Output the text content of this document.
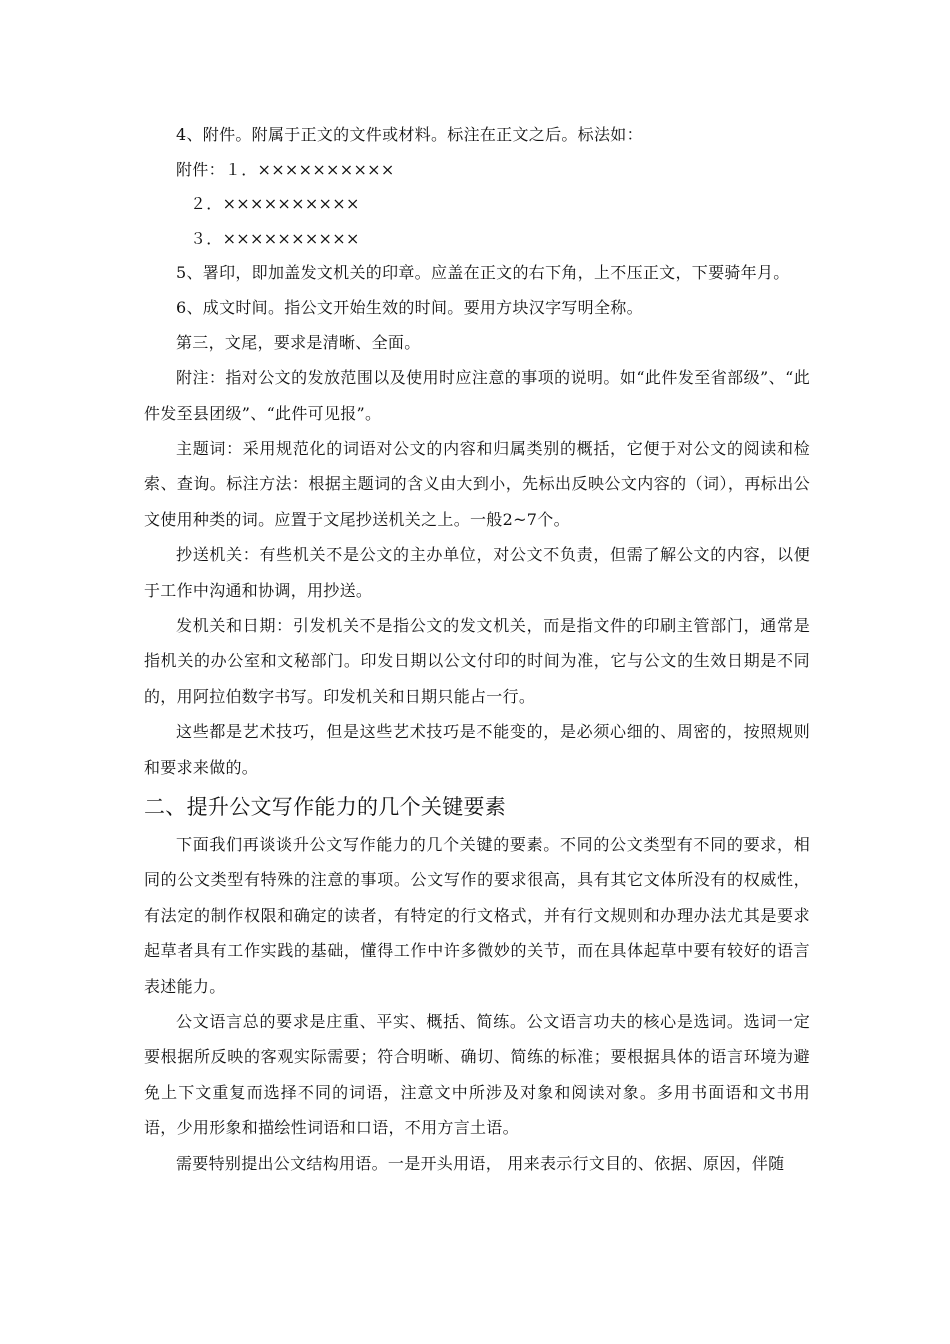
4、附件。附属于正文的文件或材料。标注在正文之后。标法如：
附件：１．××××××××××
２．××××××××××
３．××××××××××
5、署印，即加盖发文机关的印章。应盖在正文的右下角，上不压正文，下要骑年月。
6、成文时间。指公文开始生效的时间。要用方块汉字写明全称。
第三，文尾，要求是清晰、全面。

附注：指对公文的发放范围以及使用时应注意的事项的说明。如“此件发至省部级”、“此件发至县团级”、“此件可见报”。

主题词：采用规范化的词语对公文的内容和归属类别的概括，它便于对公文的阅读和检索、查询。标注方法：根据主题词的含义由大到小，先标出反映公文内容的（词），再标出公文使用种类的词。应置于文尾抄送机关之上。一般2~7个。

抄送机关：有些机关不是公文的主办单位，对公文不负责，但需了解公文的内容，以便于工作中沟通和协调，用抄送。

发机关和日期：引发机关不是指公文的发文机关，而是指文件的印刷主管部门，通常是指机关的办公室和文秘部门。印发日期以公文付印的时间为准，它与公文的生效日期是不同的，用阿拉伯数字书写。印发机关和日期只能占一行。

这些都是艺术技巧，但是这些艺术技巧是不能变的，是必须心细的、周密的，按照规则和要求来做的。

二、提升公文写作能力的几个关键要素

下面我们再谈谈升公文写作能力的几个关键的要素。不同的公文类型有不同的要求，相同的公文类型有特殊的注意的事项。公文写作的要求很高，具有其它文体所没有的权威性，有法定的制作权限和确定的读者，有特定的行文格式，并有行文规则和办理办法尤其是要求起草者具有工作实践的基础，懂得工作中许多微妙的关节，而在具体起草中要有较好的语言表述能力。

公文语言总的要求是庄重、平实、概括、简练。公文语言功夫的核心是选词。选词一定要根据所反映的客观实际需要；符合明晰、确切、简练的标准；要根据具体的语言环境为避免上下文重复而选择不同的词语，注意文中所涉及对象和阅读对象。多用书面语和文书用语，少用形象和描绘性词语和口语，不用方言土语。

需要特别提出公文结构用语。一是开头用语， 用来表示行文目的、依据、原因，伴随
